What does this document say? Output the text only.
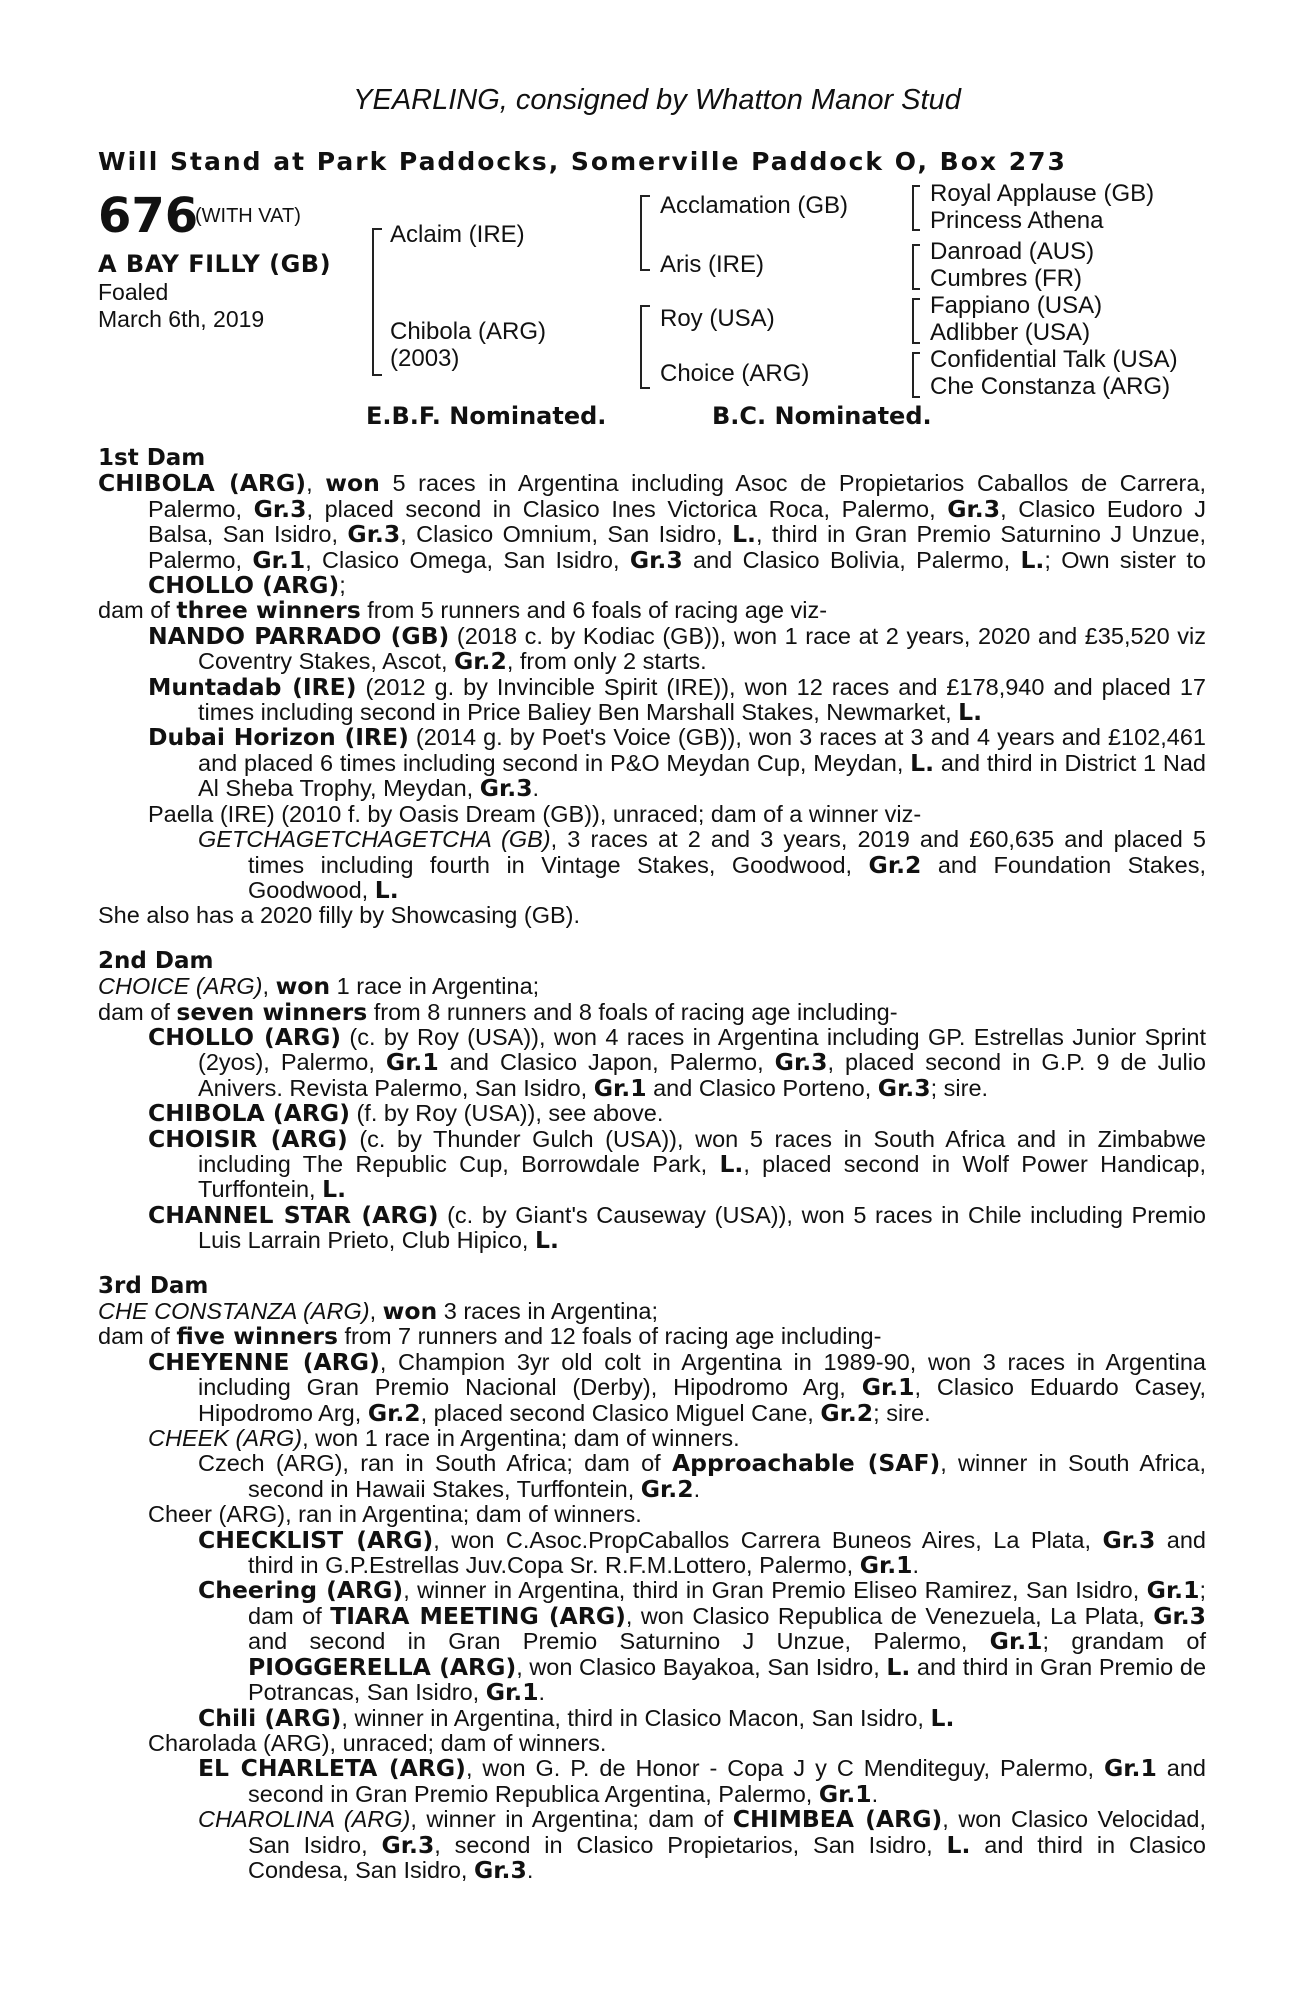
YEARLING, consigned by Whatton Manor Stud
Will Stand at Park Paddocks, Somerville Paddock O, Box 273
676
(WITH VAT)
A BAY FILLY (GB)
Foaled
March 6th, 2019
Aclaim (IRE)
Chibola (ARG)
(2003)
Acclamation (GB)
Aris (IRE)
Roy (USA)
Choice (ARG)
Royal Applause (GB)
Princess Athena
Danroad (AUS)
Cumbres (FR)
Fappiano (USA)
Adlibber (USA)
Confidential Talk (USA)
Che Constanza (ARG)
E.B.F. Nominated.	B.C. Nominated.

1st Dam

CHIBOLA (ARG), won 5 races in Argentina including Asoc de Propietarios Caballos de Carrera, Palermo, Gr.3, placed second in Clasico Ines Victorica Roca, Palermo, Gr.3, Clasico Eudoro J Balsa, San Isidro, Gr.3, Clasico Omnium, San Isidro, L., third in Gran Premio Saturnino J Unzue, Palermo, Gr.1, Clasico Omega, San Isidro, Gr.3 and Clasico Bolivia, Palermo, L.; Own sister to CHOLLO (ARG);

dam of three winners from 5 runners and 6 foals of racing age viz-

NANDO PARRADO (GB) (2018 c. by Kodiac (GB)), won 1 race at 2 years, 2020 and £35,520 viz Coventry Stakes, Ascot, Gr.2, from only 2 starts.

Muntadab (IRE) (2012 g. by Invincible Spirit (IRE)), won 12 races and £178,940 and placed 17 times including second in Price Baliey Ben Marshall Stakes, Newmarket, L.

Dubai Horizon (IRE) (2014 g. by Poet's Voice (GB)), won 3 races at 3 and 4 years and £102,461 and placed 6 times including second in P&O Meydan Cup, Meydan, L. and third in District 1 Nad Al Sheba Trophy, Meydan, Gr.3.

Paella (IRE) (2010 f. by Oasis Dream (GB)), unraced; dam of a winner viz-

GETCHAGETCHAGETCHA (GB), 3 races at 2 and 3 years, 2019 and £60,635 and placed 5 times including fourth in Vintage Stakes, Goodwood, Gr.2 and Foundation Stakes, Goodwood, L.

She also has a 2020 filly by Showcasing (GB).

2nd Dam

CHOICE (ARG), won 1 race in Argentina;

dam of seven winners from 8 runners and 8 foals of racing age including-

CHOLLO (ARG) (c. by Roy (USA)), won 4 races in Argentina including GP. Estrellas Junior Sprint (2yos), Palermo, Gr.1 and Clasico Japon, Palermo, Gr.3, placed second in G.P. 9 de Julio Anivers. Revista Palermo, San Isidro, Gr.1 and Clasico Porteno, Gr.3; sire.

CHIBOLA (ARG) (f. by Roy (USA)), see above.

CHOISIR (ARG) (c. by Thunder Gulch (USA)), won 5 races in South Africa and in Zimbabwe including The Republic Cup, Borrowdale Park, L., placed second in Wolf Power Handicap, Turffontein, L.

CHANNEL STAR (ARG) (c. by Giant's Causeway (USA)), won 5 races in Chile including Premio Luis Larrain Prieto, Club Hipico, L.

3rd Dam

CHE CONSTANZA (ARG), won 3 races in Argentina;

dam of five winners from 7 runners and 12 foals of racing age including-

CHEYENNE (ARG), Champion 3yr old colt in Argentina in 1989-90, won 3 races in Argentina including Gran Premio Nacional (Derby), Hipodromo Arg, Gr.1, Clasico Eduardo Casey, Hipodromo Arg, Gr.2, placed second Clasico Miguel Cane, Gr.2; sire.

CHEEK (ARG), won 1 race in Argentina; dam of winners.

Czech (ARG), ran in South Africa; dam of Approachable (SAF), winner in South Africa, second in Hawaii Stakes, Turffontein, Gr.2.

Cheer (ARG), ran in Argentina; dam of winners.

CHECKLIST (ARG), won C.Asoc.PropCaballos Carrera Buneos Aires, La Plata, Gr.3 and third in G.P.Estrellas Juv.Copa Sr. R.F.M.Lottero, Palermo, Gr.1.

Cheering (ARG), winner in Argentina, third in Gran Premio Eliseo Ramirez, San Isidro, Gr.1; dam of TIARA MEETING (ARG), won Clasico Republica de Venezuela, La Plata, Gr.3 and second in Gran Premio Saturnino J Unzue, Palermo, Gr.1; grandam of PIOGGERELLA (ARG), won Clasico Bayakoa, San Isidro, L. and third in Gran Premio de Potrancas, San Isidro, Gr.1.

Chili (ARG), winner in Argentina, third in Clasico Macon, San Isidro, L.

Charolada (ARG), unraced; dam of winners.

EL CHARLETA (ARG), won G. P. de Honor - Copa J y C Menditeguy, Palermo, Gr.1 and second in Gran Premio Republica Argentina, Palermo, Gr.1.

CHAROLINA (ARG), winner in Argentina; dam of CHIMBEA (ARG), won Clasico Velocidad, San Isidro, Gr.3, second in Clasico Propietarios, San Isidro, L. and third in Clasico Condesa, San Isidro, Gr.3.
